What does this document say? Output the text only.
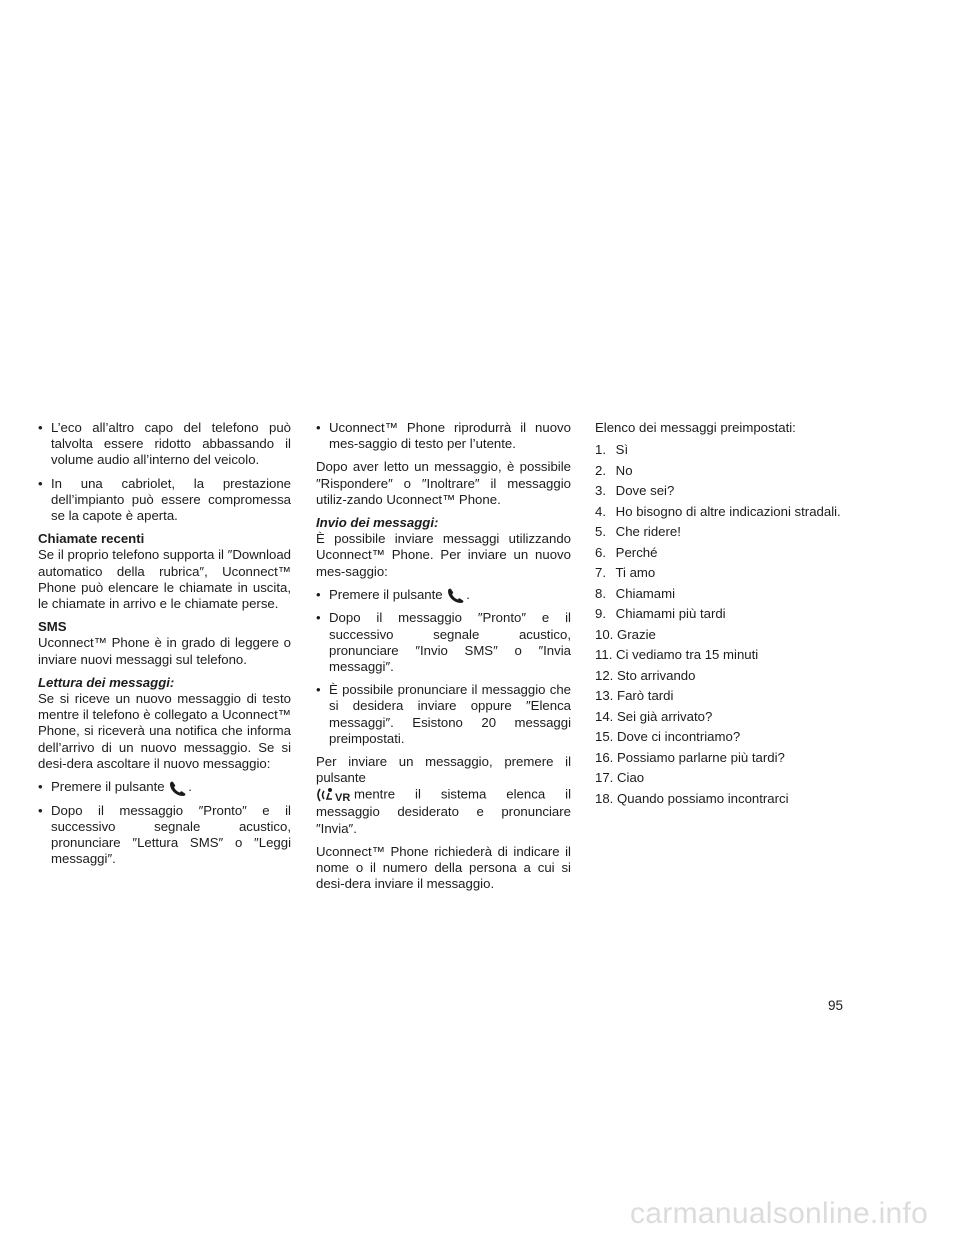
• L’eco all’altro capo del telefono può talvolta essere ridotto abbassando il volume audio all’interno del veicolo.
• In una cabriolet, la prestazione dell’impianto può essere compromessa se la capote è aperta.
Chiamate recenti

Se il proprio telefono supporta il ″Download automatico della rubrica″, Uconnect™ Phone può elencare le chiamate in uscita, le chiamate in arrivo e le chiamate perse.

SMS

Uconnect™ Phone è in grado di leggere o inviare nuovi messaggi sul telefono.

Lettura dei messaggi:

Se si riceve un nuovo messaggio di testo mentre il telefono è collegato a Uconnect™ Phone, si riceverà una notifica che informa dell’arrivo di un nuovo messaggio. Se si desi-dera ascoltare il nuovo messaggio:

• Premere il pulsante .
• Dopo il messaggio ″Pronto″ e il successivo segnale acustico, pronunciare ″Lettura SMS″ o ″Leggi messaggi″.
• Uconnect™ Phone riprodurrà il nuovo mes-saggio di testo per l’utente.

Dopo aver letto un messaggio, è possibile ″Rispondere″ o ″Inoltrare″ il messaggio utiliz-zando Uconnect™ Phone.

Invio dei messaggi:

È possibile inviare messaggi utilizzando Uconnect™ Phone. Per inviare un nuovo mes-saggio:

• Premere il pulsante .
• Dopo il messaggio ″Pronto″ e il successivo segnale acustico, pronunciare ″Invio SMS″ o ″Invia messaggi″.
• È possibile pronunciare il messaggio che si desidera inviare oppure ″Elenca messaggi″. Esistono 20 messaggi preimpostati.

Per inviare un messaggio, premere il pulsante

VR mentre il sistema elenca il messaggio desiderato e pronunciare ″Invia″.

Uconnect™ Phone richiederà di indicare il nome o il numero della persona a cui si desi-dera inviare il messaggio.

Elenco dei messaggi preimpostati:
1. Sì
2. No
3. Dove sei?
4. Ho bisogno di altre indicazioni stradali.
5. Che ridere!
6. Perché
7. Ti amo
8. Chiamami
9. Chiamami più tardi
10. Grazie
11. Ci vediamo tra 15 minuti
12. Sto arrivando
13. Farò tardi
14. Sei già arrivato?
15. Dove ci incontriamo?
16. Possiamo parlarne più tardi?
17. Ciao
18. Quando possiamo incontrarci
95
carmanualsonline.info
